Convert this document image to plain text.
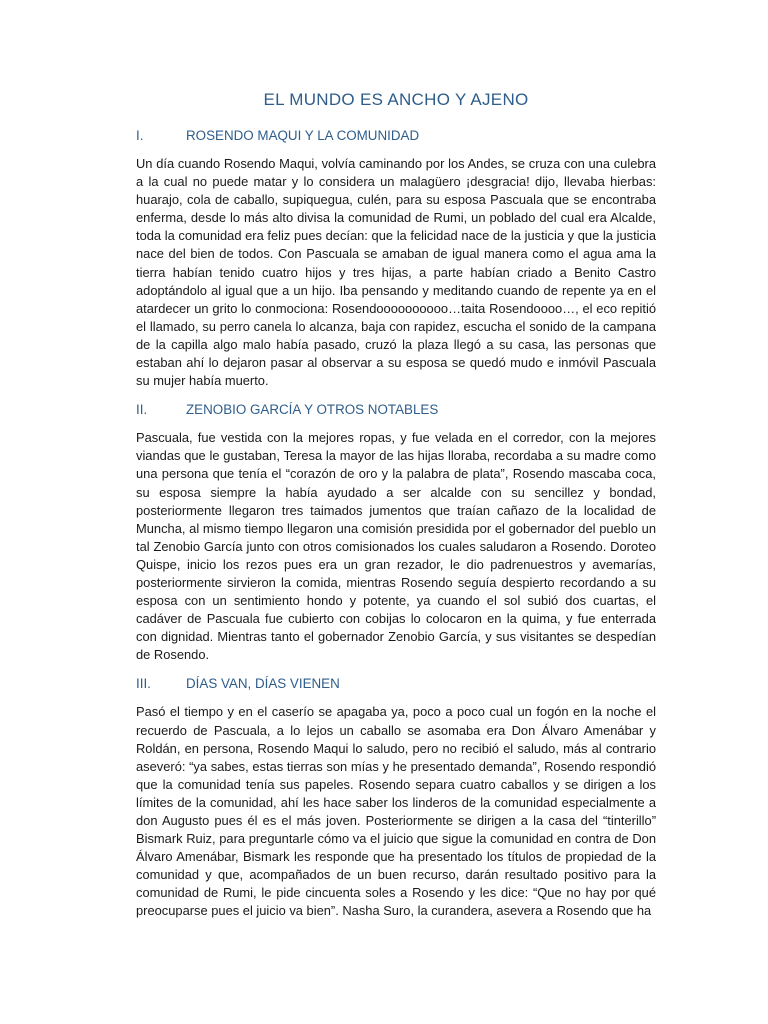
EL MUNDO ES ANCHO Y AJENO
I.	ROSENDO MAQUI Y LA COMUNIDAD

Un día cuando Rosendo Maqui, volvía caminando por los Andes, se cruza con una culebra a la cual no puede matar y lo considera un malagüero ¡desgracia! dijo, llevaba hierbas: huarajo, cola de caballo, supiquegua, culén, para su esposa Pascuala que se encontraba enferma, desde lo más alto divisa la comunidad de Rumi, un poblado del cual era Alcalde, toda la comunidad era feliz pues decían: que la felicidad nace de la justicia y que la justicia nace del bien de todos. Con Pascuala se amaban de igual manera como el agua ama la tierra habían tenido cuatro hijos y tres hijas, a parte habían criado a Benito Castro adoptándolo al igual que a un hijo. Iba pensando y meditando cuando de repente ya en el atardecer un grito lo conmociona: Rosendoooooooooo…taita Rosendoooo…, el eco repitió el llamado, su perro canela lo alcanza, baja con rapidez, escucha el sonido de la campana de la capilla algo malo había pasado, cruzó la plaza llegó a su casa, las personas que estaban ahí lo dejaron pasar al observar a su esposa se quedó mudo e inmóvil Pascuala su mujer había muerto.

II.	ZENOBIO GARCÍA Y OTROS NOTABLES

Pascuala, fue vestida con la mejores ropas, y fue velada en el corredor, con la mejores viandas que le gustaban, Teresa la mayor de las hijas lloraba, recordaba a su madre como una persona que tenía el “corazón de oro y la palabra de plata”, Rosendo mascaba coca, su esposa siempre la había ayudado a ser alcalde con su sencillez y bondad, posteriormente llegaron tres taimados jumentos que traían cañazo de la localidad de Muncha, al mismo tiempo llegaron una comisión presidida por el gobernador del pueblo un tal Zenobio García junto con otros comisionados los cuales saludaron a Rosendo. Doroteo Quispe, inicio los rezos pues era un gran rezador, le dio padrenuestros y avemarías, posteriormente sirvieron la comida, mientras Rosendo seguía despierto recordando a su esposa con un sentimiento hondo y potente, ya cuando el sol subió dos cuartas, el cadáver de Pascuala fue cubierto con cobijas lo colocaron en la quima, y fue enterrada con dignidad. Mientras tanto el gobernador Zenobio García, y sus visitantes se despedían de Rosendo.

III.	DÍAS VAN, DÍAS VIENEN

Pasó el tiempo y en el caserío se apagaba ya, poco a poco cual un fogón en la noche el recuerdo de Pascuala, a lo lejos un caballo se asomaba era Don Álvaro Amenábar y Roldán, en persona, Rosendo Maqui lo saludo, pero no recibió el saludo, más al contrario aseveró: “ya sabes, estas tierras son mías y he presentado demanda”, Rosendo respondió que la comunidad tenía sus papeles. Rosendo separa cuatro caballos y se dirigen a los límites de la comunidad, ahí les hace saber los linderos de la comunidad especialmente a don Augusto pues él es el más joven. Posteriormente se dirigen a la casa del “tinterillo” Bismark Ruiz, para preguntarle cómo va el juicio que sigue la comunidad en contra de Don Álvaro Amenábar, Bismark les responde que ha presentado los títulos de propiedad de la comunidad y que, acompañados de un buen recurso, darán resultado positivo para la comunidad de Rumi, le pide cincuenta soles a Rosendo y les dice: “Que no hay por qué preocuparse pues el juicio va bien”. Nasha Suro, la curandera, asevera a Rosendo que ha
